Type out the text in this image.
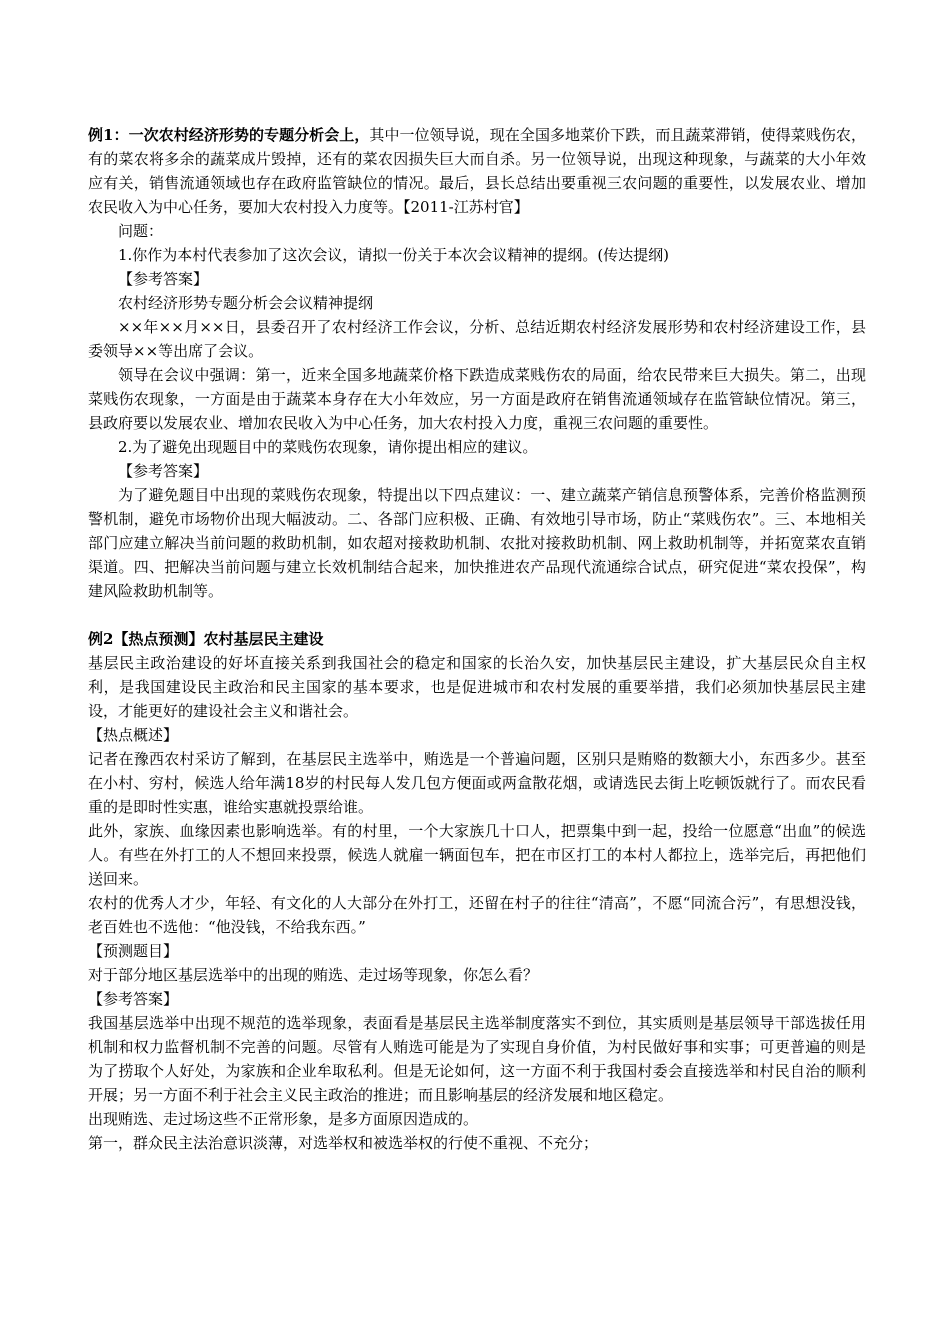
例1：一次农村经济形势的专题分析会上，其中一位领导说，现在全国多地菜价下跌，而且蔬菜滞销，使得菜贱伤农，有的菜农将多余的蔬菜成片毁掉，还有的菜农因损失巨大而自杀。另一位领导说，出现这种现象，与蔬菜的大小年效应有关，销售流通领域也存在政府监管缺位的情况。最后，县长总结出要重视三农问题的重要性，以发展农业、增加农民收入为中心任务，要加大农村投入力度等。【2011-江苏村官】

问题：

1.你作为本村代表参加了这次会议，请拟一份关于本次会议精神的提纲。(传达提纲)

【参考答案】

农村经济形势专题分析会会议精神提纲

××年××月××日，县委召开了农村经济工作会议，分析、总结近期农村经济发展形势和农村经济建设工作，县委领导××等出席了会议。

领导在会议中强调：第一，近来全国多地蔬菜价格下跌造成菜贱伤农的局面，给农民带来巨大损失。第二，出现菜贱伤农现象，一方面是由于蔬菜本身存在大小年效应，另一方面是政府在销售流通领域存在监管缺位情况。第三，县政府要以发展农业、增加农民收入为中心任务，加大农村投入力度，重视三农问题的重要性。

2.为了避免出现题目中的菜贱伤农现象，请你提出相应的建议。

【参考答案】

为了避免题目中出现的菜贱伤农现象，特提出以下四点建议：一、建立蔬菜产销信息预警体系，完善价格监测预警机制，避免市场物价出现大幅波动。二、各部门应积极、正确、有效地引导市场，防止“菜贱伤农”。三、本地相关部门应建立解决当前问题的救助机制，如农超对接救助机制、农批对接救助机制、网上救助机制等，并拓宽菜农直销渠道。四、把解决当前问题与建立长效机制结合起来，加快推进农产品现代流通综合试点，研究促进“菜农投保”，构建风险救助机制等。

例2【热点预测】农村基层民主建设

基层民主政治建设的好坏直接关系到我国社会的稳定和国家的长治久安，加快基层民主建设，扩大基层民众自主权利，是我国建设民主政治和民主国家的基本要求，也是促进城市和农村发展的重要举措，我们必须加快基层民主建设，才能更好的建设社会主义和谐社会。

【热点概述】

记者在豫西农村采访了解到，在基层民主选举中，贿选是一个普遍问题，区别只是贿赂的数额大小，东西多少。甚至在小村、穷村，候选人给年满18岁的村民每人发几包方便面或两盒散花烟，或请选民去街上吃顿饭就行了。而农民看重的是即时性实惠，谁给实惠就投票给谁。

此外，家族、血缘因素也影响选举。有的村里，一个大家族几十口人，把票集中到一起，投给一位愿意“出血”的候选人。有些在外打工的人不想回来投票，候选人就雇一辆面包车，把在市区打工的本村人都拉上，选举完后，再把他们送回来。

农村的优秀人才少，年轻、有文化的人大部分在外打工，还留在村子的往往“清高”，不愿“同流合污”，有思想没钱，老百姓也不选他：“他没钱，不给我东西。”

【预测题目】

对于部分地区基层选举中的出现的贿选、走过场等现象，你怎么看？

【参考答案】

我国基层选举中出现不规范的选举现象，表面看是基层民主选举制度落实不到位，其实质则是基层领导干部选拔任用机制和权力监督机制不完善的问题。尽管有人贿选可能是为了实现自身价值，为村民做好事和实事；可更普遍的则是为了捞取个人好处，为家族和企业牟取私利。但是无论如何，这一方面不利于我国村委会直接选举和村民自治的顺利开展；另一方面不利于社会主义民主政治的推进；而且影响基层的经济发展和地区稳定。

出现贿选、走过场这些不正常形象，是多方面原因造成的。

第一，群众民主法治意识淡薄，对选举权和被选举权的行使不重视、不充分；
